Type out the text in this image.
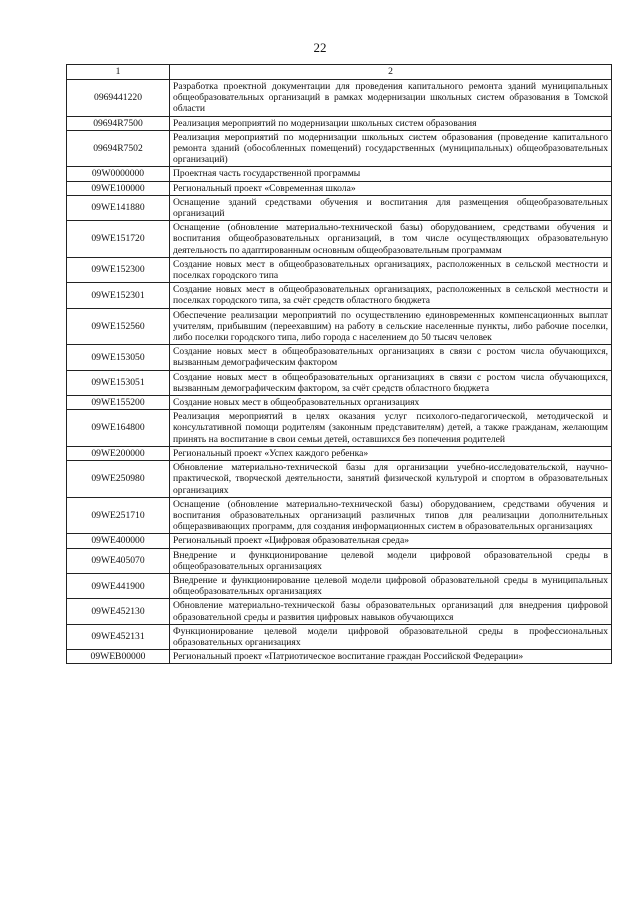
22
1	2
0969441220	Разработка проектной документации для проведения капитального ремонта зданий муниципальных общеобразовательных организаций в рамках модернизации школьных систем образования в Томской области
09694R7500	Реализация мероприятий по модернизации школьных систем образования
09694R7502	Реализация мероприятий по модернизации школьных систем образования (проведение капитального ремонта зданий (обособленных помещений) государственных (муниципальных) общеобразовательных организаций)
09W0000000	Проектная часть государственной программы
09WE100000	Региональный проект «Современная школа»
09WE141880	Оснащение зданий средствами обучения и воспитания для размещения общеобразовательных организаций
09WE151720	Оснащение (обновление материально-технической базы) оборудованием, средствами обучения и воспитания общеобразовательных организаций, в том числе осуществляющих образовательную деятельность по адаптированным основным общеобразовательным программам
09WE152300	Создание новых мест в общеобразовательных организациях, расположенных в сельской местности и поселках городского типа
09WE152301	Создание новых мест в общеобразовательных организациях, расположенных в сельской местности и поселках городского типа, за счёт средств областного бюджета
09WE152560	Обеспечение реализации мероприятий по осуществлению единовременных компенсационных выплат учителям, прибывшим (переехавшим) на работу в сельские населенные пункты, либо рабочие поселки, либо поселки городского типа, либо города с населением до 50 тысяч человек
09WE153050	Создание новых мест в общеобразовательных организациях в связи с ростом числа обучающихся, вызванным демографическим фактором
09WE153051	Создание новых мест в общеобразовательных организациях в связи с ростом числа обучающихся, вызванным демографическим фактором, за счёт средств областного бюджета
09WE155200	Создание новых мест в общеобразовательных организациях
09WE164800	Реализация мероприятий в целях оказания услуг психолого-педагогической, методической и консультативной помощи родителям (законным представителям) детей, а также гражданам, желающим принять на воспитание в свои семьи детей, оставшихся без попечения родителей
09WE200000	Региональный проект «Успех каждого ребенка»
09WE250980	Обновление материально-технической базы для организации учебно-исследовательской, научно-практической, творческой деятельности, занятий физической культурой и спортом в образовательных организациях
09WE251710	Оснащение (обновление материально-технической базы) оборудованием, средствами обучения и воспитания образовательных организаций различных типов для реализации дополнительных общеразвивающих программ, для создания информационных систем в образовательных организациях
09WE400000	Региональный проект «Цифровая образовательная среда»
09WE405070	Внедрение и функционирование целевой модели цифровой образовательной среды в общеобразовательных организациях
09WE441900	Внедрение и функционирование целевой модели цифровой образовательной среды в муниципальных общеобразовательных организациях
09WE452130	Обновление материально-технической базы образовательных организаций для внедрения цифровой образовательной среды и развития цифровых навыков обучающихся
09WE452131	Функционирование целевой модели цифровой образовательной среды в профессиональных образовательных организациях
09WEB00000	Региональный проект «Патриотическое воспитание граждан Российской Федерации»
